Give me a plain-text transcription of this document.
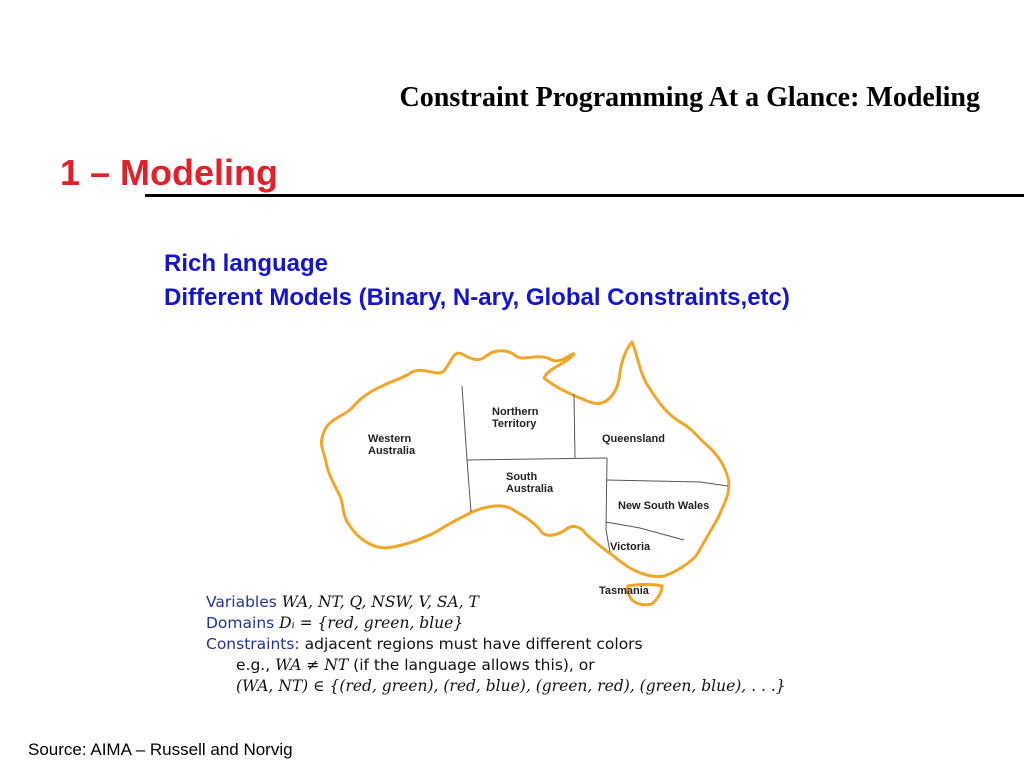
Constraint Programming At a Glance: Modeling
1 – Modeling
Rich language
Different Models (Binary, N-ary, Global Constraints,etc)
Western
Australia
Northern
Territory
Queensland
South
Australia
New South Wales
Victoria
Tasmania
Variables WA, NT, Q, NSW, V, SA, T
Domains Dᵢ = {red, green, blue}
Constraints: adjacent regions must have different colors
e.g., WA ≠ NT (if the language allows this), or
(WA, NT) ∈ {(red, green), (red, blue), (green, red), (green, blue), . . .}
Source: AIMA – Russell and Norvig
